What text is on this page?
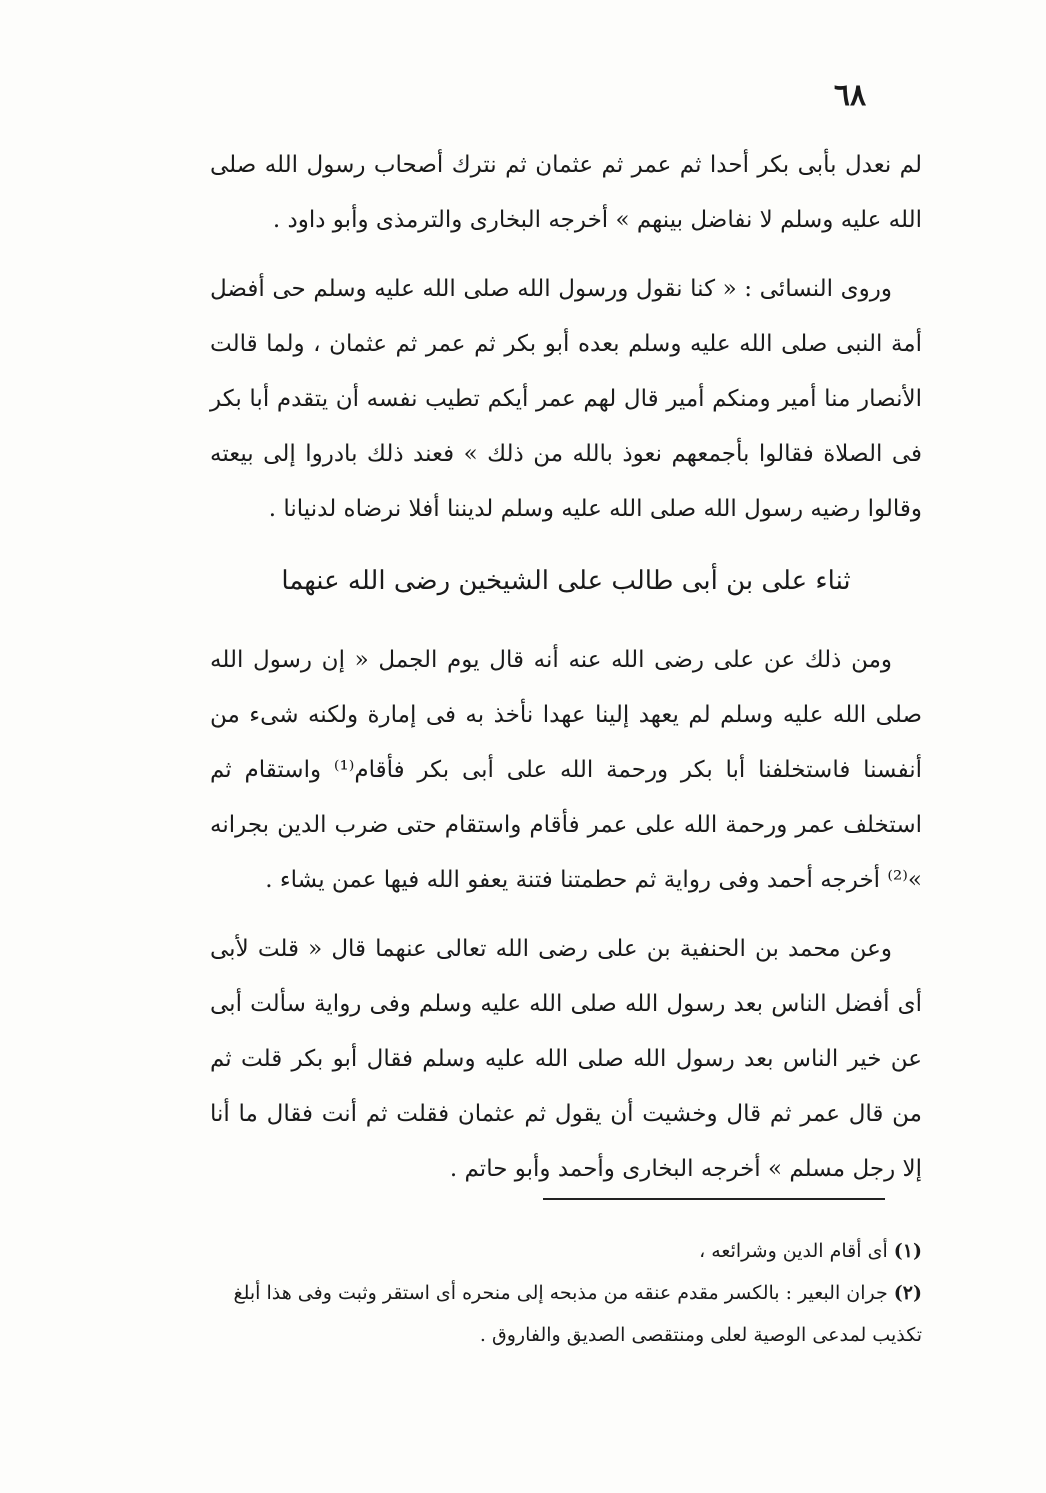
٦٨

لم نعدل بأبى بكر أحدا ثم عمر ثم عثمان ثم نترك أصحاب رسول الله صلى الله عليه وسلم لا نفاضل بينهم » أخرجه البخارى والترمذى وأبو داود .

وروى النسائى : « كنا نقول ورسول الله صلى الله عليه وسلم حى أفضل أمة النبى صلى الله عليه وسلم بعده أبو بكر ثم عمر ثم عثمان ، ولما قالت الأنصار منا أمير ومنكم أمير قال لهم عمر أيكم تطيب نفسه أن يتقدم أبا بكر فى الصلاة فقالوا بأجمعهم نعوذ بالله من ذلك » فعند ذلك بادروا إلى بيعته وقالوا رضيه رسول الله صلى الله عليه وسلم لديننا أفلا نرضاه لدنيانا .

ثناء على بن أبى طالب على الشيخين رضى الله عنهما

ومن ذلك عن على رضى الله عنه أنه قال يوم الجمل « إن رسول الله صلى الله عليه وسلم لم يعهد إلينا عهدا نأخذ به فى إمارة ولكنه شىء من أنفسنا فاستخلفنا أبا بكر ورحمة الله على أبى بكر فأقام⁽¹⁾ واستقام ثم استخلف عمر ورحمة الله على عمر فأقام واستقام حتى ضرب الدين بجرانه »⁽²⁾ أخرجه أحمد وفى رواية ثم حطمتنا فتنة يعفو الله فيها عمن يشاء .

وعن محمد بن الحنفية بن على رضى الله تعالى عنهما قال « قلت لأبى أى أفضل الناس بعد رسول الله صلى الله عليه وسلم وفى رواية سألت أبى عن خير الناس بعد رسول الله صلى الله عليه وسلم فقال أبو بكر قلت ثم من قال عمر ثم قال وخشيت أن يقول ثم عثمان فقلت ثم أنت فقال ما أنا إلا رجل مسلم » أخرجه البخارى وأحمد وأبو حاتم .

(١) أى أقام الدين وشرائعه ،

(٢) جران البعير : بالكسر مقدم عنقه من مذبحه إلى منحره أى استقر وثبت وفى هذا أبلغ تكذيب لمدعى الوصية لعلى ومنتقصى الصديق والفاروق .
